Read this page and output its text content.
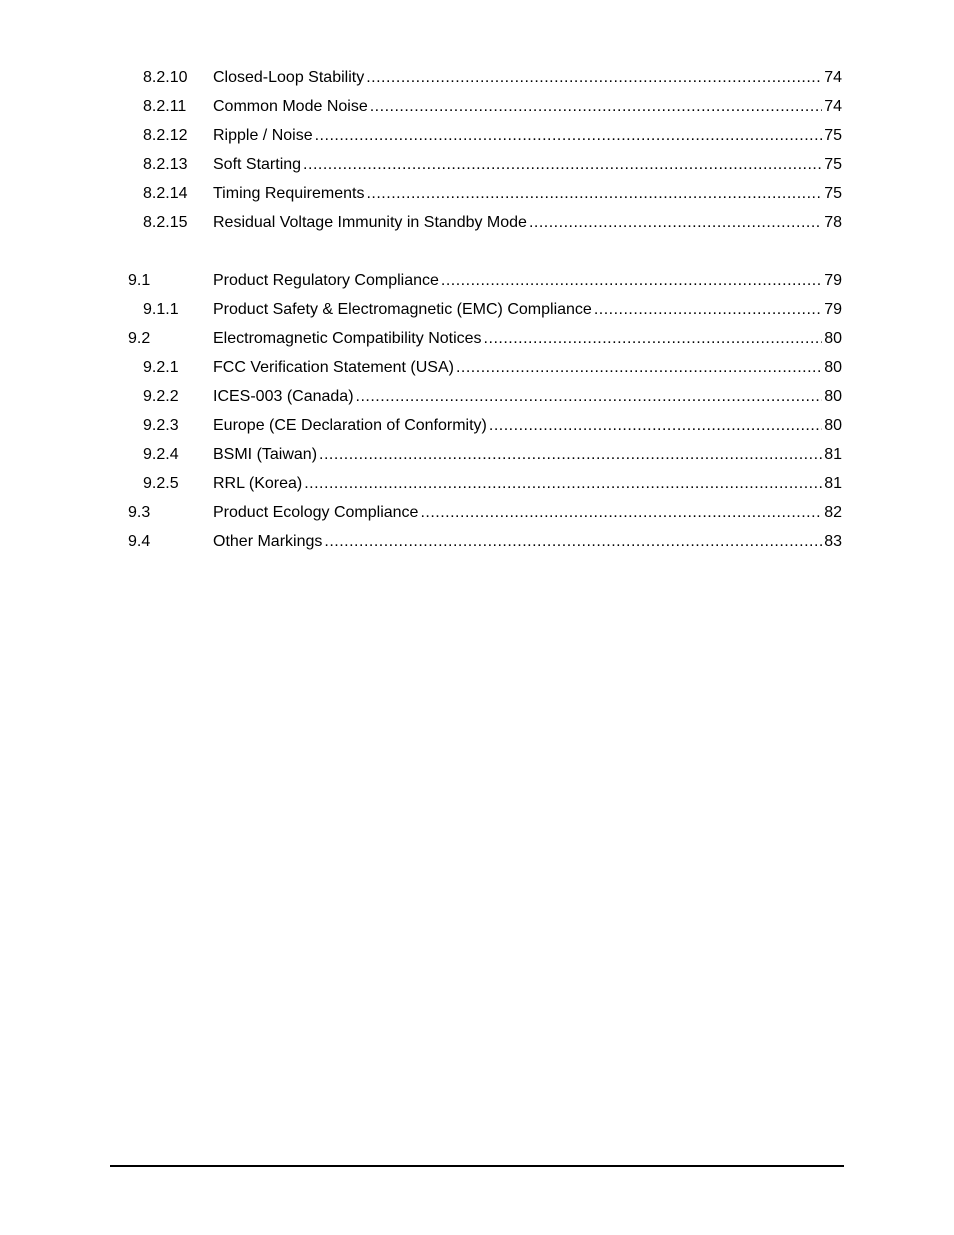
8.2.10 Closed-Loop Stability .....	74
8.2.11 Common Mode Noise .....	74
8.2.12 Ripple / Noise .....	75
8.2.13 Soft Starting .....	75
8.2.14 Timing Requirements .....	75
8.2.15 Residual Voltage Immunity in Standby Mode .....	78
9.1	Product Regulatory Compliance .....	79
9.1.1 Product Safety & Electromagnetic (EMC) Compliance .....	79
9.2	Electromagnetic Compatibility Notices .....	80
9.2.1 FCC Verification Statement (USA) .....	80
9.2.2 ICES-003 (Canada) .....	80
9.2.3 Europe (CE Declaration of Conformity) .....	80
9.2.4 BSMI (Taiwan) .....	81
9.2.5 RRL (Korea) .....	81
9.3	Product Ecology Compliance .....	82
9.4	Other Markings .....	83
